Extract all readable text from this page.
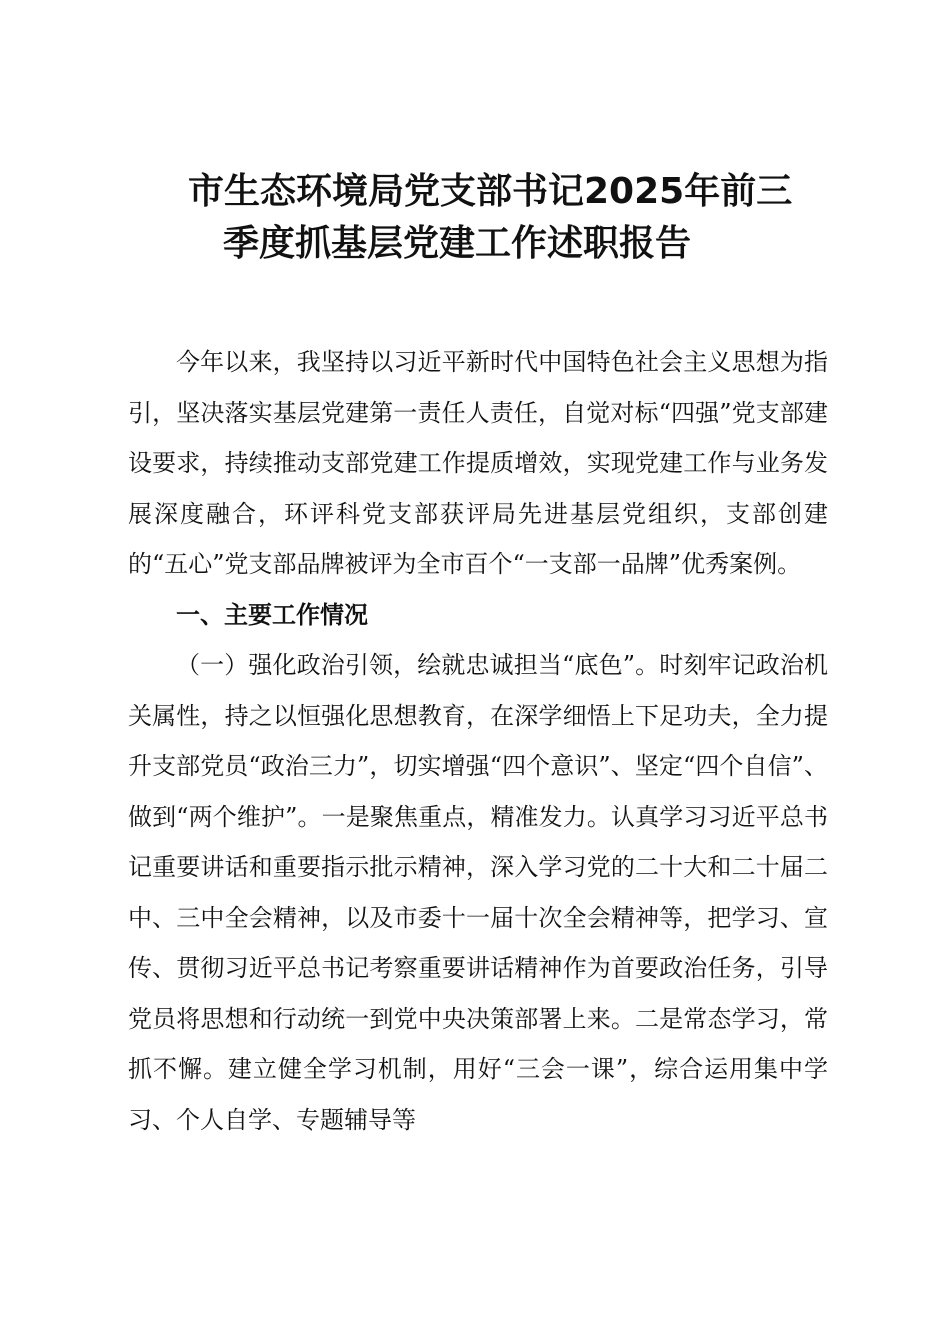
市生态环境局党支部书记2025年前三
季度抓基层党建工作述职报告

今年以来，我坚持以习近平新时代中国特色社会主义思想为指引，坚决落实基层党建第一责任人责任，自觉对标“四强”党支部建设要求，持续推动支部党建工作提质增效，实现党建工作与业务发展深度融合，环评科党支部获评局先进基层党组织，支部创建的“五心”党支部品牌被评为全市百个“一支部一品牌”优秀案例。

一、主要工作情况

（一）强化政治引领，绘就忠诚担当“底色”。时刻牢记政治机关属性，持之以恒强化思想教育，在深学细悟上下足功夫，全力提升支部党员“政治三力”，切实增强“四个意识”、坚定“四个自信”、做到“两个维护”。一是聚焦重点，精准发力。认真学习习近平总书记重要讲话和重要指示批示精神，深入学习党的二十大和二十届二中、三中全会精神，以及市委十一届十次全会精神等，把学习、宣传、贯彻习近平总书记考察重要讲话精神作为首要政治任务，引导党员将思想和行动统一到党中央决策部署上来。二是常态学习，常抓不懈。建立健全学习机制，用好“三会一课”，综合运用集中学习、个人自学、专题辅导等
